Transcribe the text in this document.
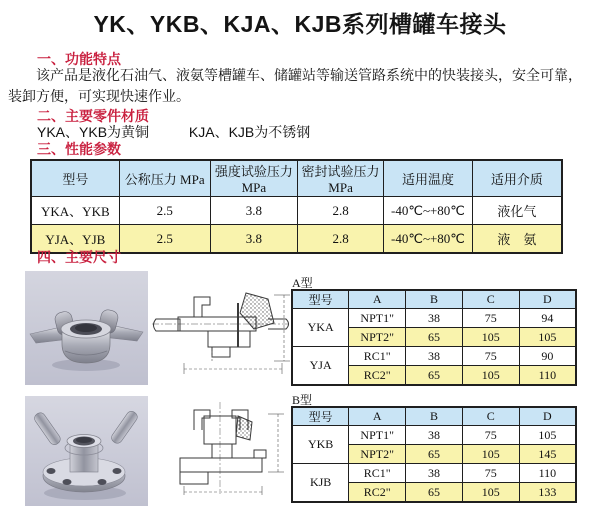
YK、YKB、KJA、KJB系列槽罐车接头
一、功能特点

该产品是液化石油气、液氨等槽罐车、储罐站等输送管路系统中的快装接头，安全可靠，装卸方便，可实现快速作业。

二、主要零件材质
YKA、YKB为黄铜	KJA、KJB为不锈钢
三、性能参数
型号	公称压力 MPa	强度试验压力MPa	密封试验压力MPa	适用温度	适用介质
YKA、YKB	2.5	3.8	2.8	-40℃~+80℃	液化气
YJA、YJB	2.5	3.8	2.8	-40℃~+80℃	液　氨
四、主要尺寸
A型
型号	A	B	C	D
YKA	NPT1"	38	75	94
	NPT2"	65	105	105
YJA	RC1"	38	75	90
	RC2"	65	105	110
B型
型号	A	B	C	D
YKB	NPT1"	38	75	105
	NPT2"	65	105	145
KJB	RC1"	38	75	110
	RC2"	65	105	133
